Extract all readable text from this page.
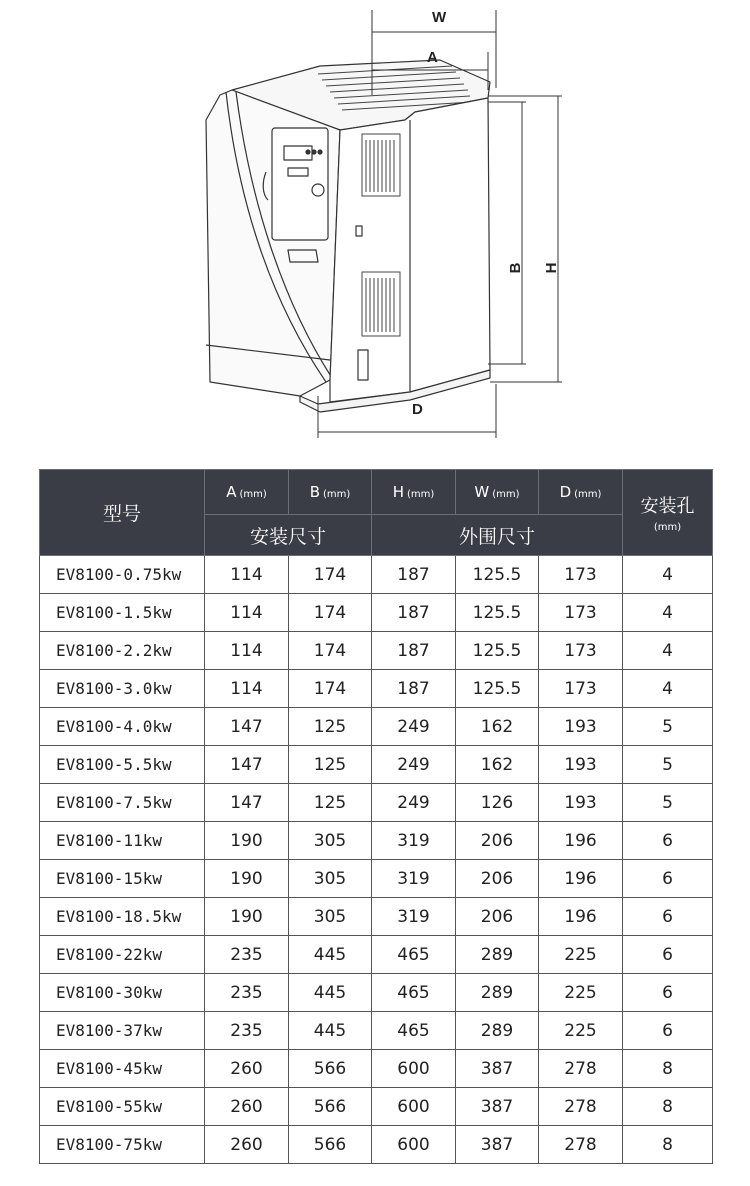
W
A
B H
D
型号	A (mm)	B (mm)	H (mm)	W (mm)	D (mm)	安装孔
(mm)

	安装尺寸		外围尺寸			
EV8100-0.75kw	114	174	187	125.5	173	4
EV8100-1.5kw	114	174	187	125.5	173	4
EV8100-2.2kw	114	174	187	125.5	173	4
EV8100-3.0kw	114	174	187	125.5	173	4
EV8100-4.0kw	147	125	249	162	193	5
EV8100-5.5kw	147	125	249	162	193	5
EV8100-7.5kw	147	125	249	126	193	5
EV8100-11kw	190	305	319	206	196	6
EV8100-15kw	190	305	319	206	196	6
EV8100-18.5kw	190	305	319	206	196	6
EV8100-22kw	235	445	465	289	225	6
EV8100-30kw	235	445	465	289	225	6
EV8100-37kw	235	445	465	289	225	6
EV8100-45kw	260	566	600	387	278	8
EV8100-55kw	260	566	600	387	278	8
EV8100-75kw	260	566	600	387	278	8
